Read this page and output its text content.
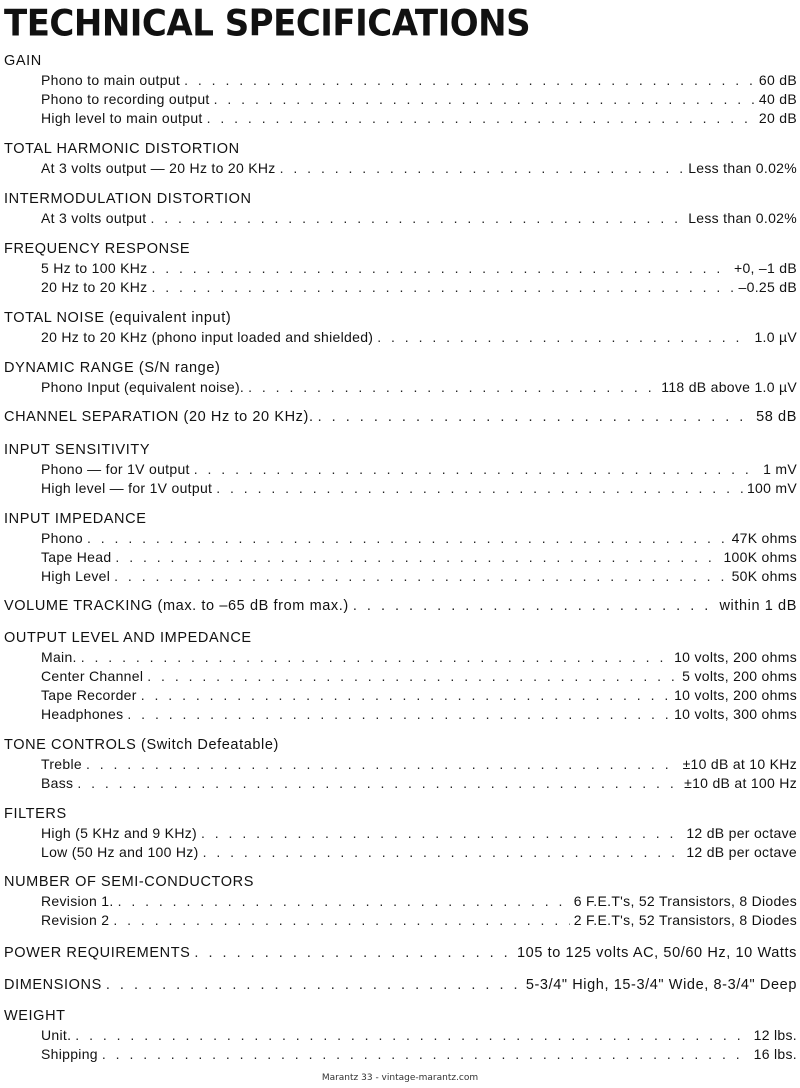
TECHNICAL SPECIFICATIONS
GAIN
Phono to main output . . .	60 dB
Phono to recording output . . .	40 dB
High level to main output . . .	20 dB
TOTAL HARMONIC DISTORTION
At 3 volts output — 20 Hz to 20 KHz . . .	Less than 0.02%
INTERMODULATION DISTORTION
At 3 volts output . . .	Less than 0.02%
FREQUENCY RESPONSE
5 Hz to 100 KHz . . .	+0, –1 dB
20 Hz to 20 KHz . . .	–0.25 dB
TOTAL NOISE (equivalent input)
20 Hz to 20 KHz (phono input loaded and shielded) . . .	1.0 µV
DYNAMIC RANGE (S/N range)
Phono Input (equivalent noise). . . .	118 dB above 1.0 µV
CHANNEL SEPARATION (20 Hz to 20 KHz). . . .	58 dB
INPUT SENSITIVITY
Phono — for 1V output . . .	1 mV
High level — for 1V output . . .	100 mV
INPUT IMPEDANCE
Phono . . .	47K ohms
Tape Head . . .	100K ohms
High Level . . .	50K ohms
VOLUME TRACKING (max. to –65 dB from max.) . . .	within 1 dB
OUTPUT LEVEL AND IMPEDANCE
Main. . . .	10 volts, 200 ohms
Center Channel . . .	5 volts, 200 ohms
Tape Recorder . . .	10 volts, 200 ohms
Headphones . . .	10 volts, 300 ohms
TONE CONTROLS (Switch Defeatable)
Treble . . .	±10 dB at 10 KHz
Bass . . .	±10 dB at 100 Hz
FILTERS
High (5 KHz and 9 KHz) . . .	12 dB per octave
Low (50 Hz and 100 Hz) . . .	12 dB per octave
NUMBER OF SEMI-CONDUCTORS
Revision 1. . . .	6 F.E.T's, 52 Transistors, 8 Diodes
Revision 2 . . .	2 F.E.T's, 52 Transistors, 8 Diodes
POWER REQUIREMENTS . . .	105 to 125 volts AC, 50/60 Hz, 10 Watts
DIMENSIONS . . .	5-3/4" High, 15-3/4" Wide, 8-3/4" Deep
WEIGHT
Unit. . . .	12 lbs.
Shipping . . .	16 lbs.
Marantz 33 - vintage-marantz.com
